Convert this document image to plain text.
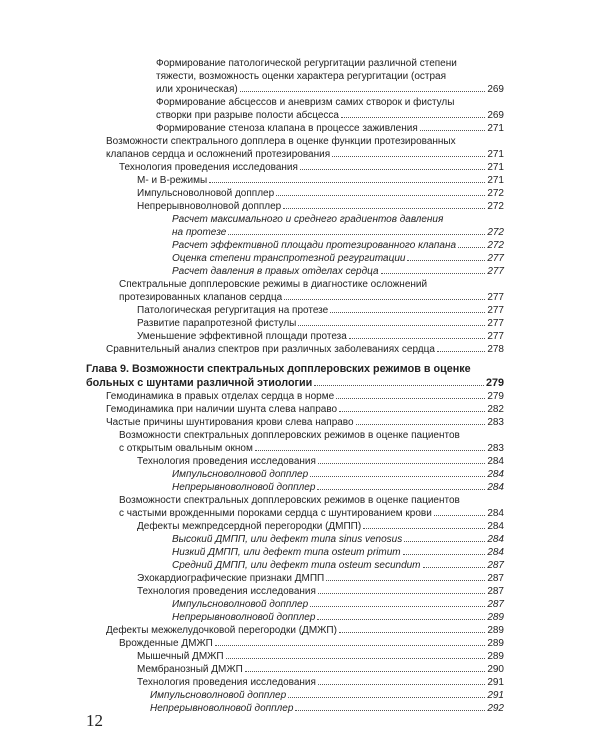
Формирование патологической регургитации различной степени
тяжести, возможность оценки характера регургитации (острая
или хроническая)	269
Формирование абсцессов и аневризм самих створок и фистулы
створки при разрыве полости абсцесса	269
Формирование стеноза клапана в процессе заживления	271
Возможности спектрального допплера в оценке функции протезированных
клапанов сердца и осложнений протезирования	271
Технология проведения исследования	271
М- и В-режимы	271
Импульсноволновой допплер	272
Непрерывноволновой допплер	272
Расчет максимального и среднего градиентов давления
на протезе	272
Расчет эффективной площади протезированного клапана	272
Оценка степени транспротезной регургитации	277
Расчет давления в правых отделах сердца	277
Спектральные допплеровские режимы в диагностике осложнений
протезированных клапанов сердца	277
Патологическая регургитация на протезе	277
Развитие парапротезной фистулы	277
Уменьшение эффективной площади протеза	277
Сравнительный анализ спектров при различных заболеваниях сердца	278
Глава 9. Возможности спектральных допплеровских режимов в оценке
больных с шунтами различной этиологии	279
Гемодинамика в правых отделах сердца в норме	279
Гемодинамика при наличии шунта слева направо	282
Частые причины шунтирования крови слева направо	283
Возможности спектральных допплеровских режимов в оценке пациентов
с открытым овальным окном	283
Технология проведения исследования	284
Импульсноволновой допплер	284
Непрерывноволновой допплер	284
Возможности спектральных допплеровских режимов в оценке пациентов
с частыми врожденными пороками сердца с шунтированием крови	284
Дефекты межпредсердной перегородки (ДМПП)	284
Высокий ДМПП, или дефект типа sinus venosus	284
Низкий ДМПП, или дефект типа osteum primum	284
Средний ДМПП, или дефект типа osteum secundum	287
Эхокардиографические признаки ДМПП	287
Технология проведения исследования	287
Импульсноволновой допплер	287
Непрерывноволновой допплер	289
Дефекты межжелудочковой перегородки (ДМЖП)	289
Врожденные ДМЖП	289
Мышечный ДМЖП	289
Мембранозный ДМЖП	290
Технология проведения исследования	291
Импульсноволновой допплер	291
Непрерывноволновой допплер	292
12
